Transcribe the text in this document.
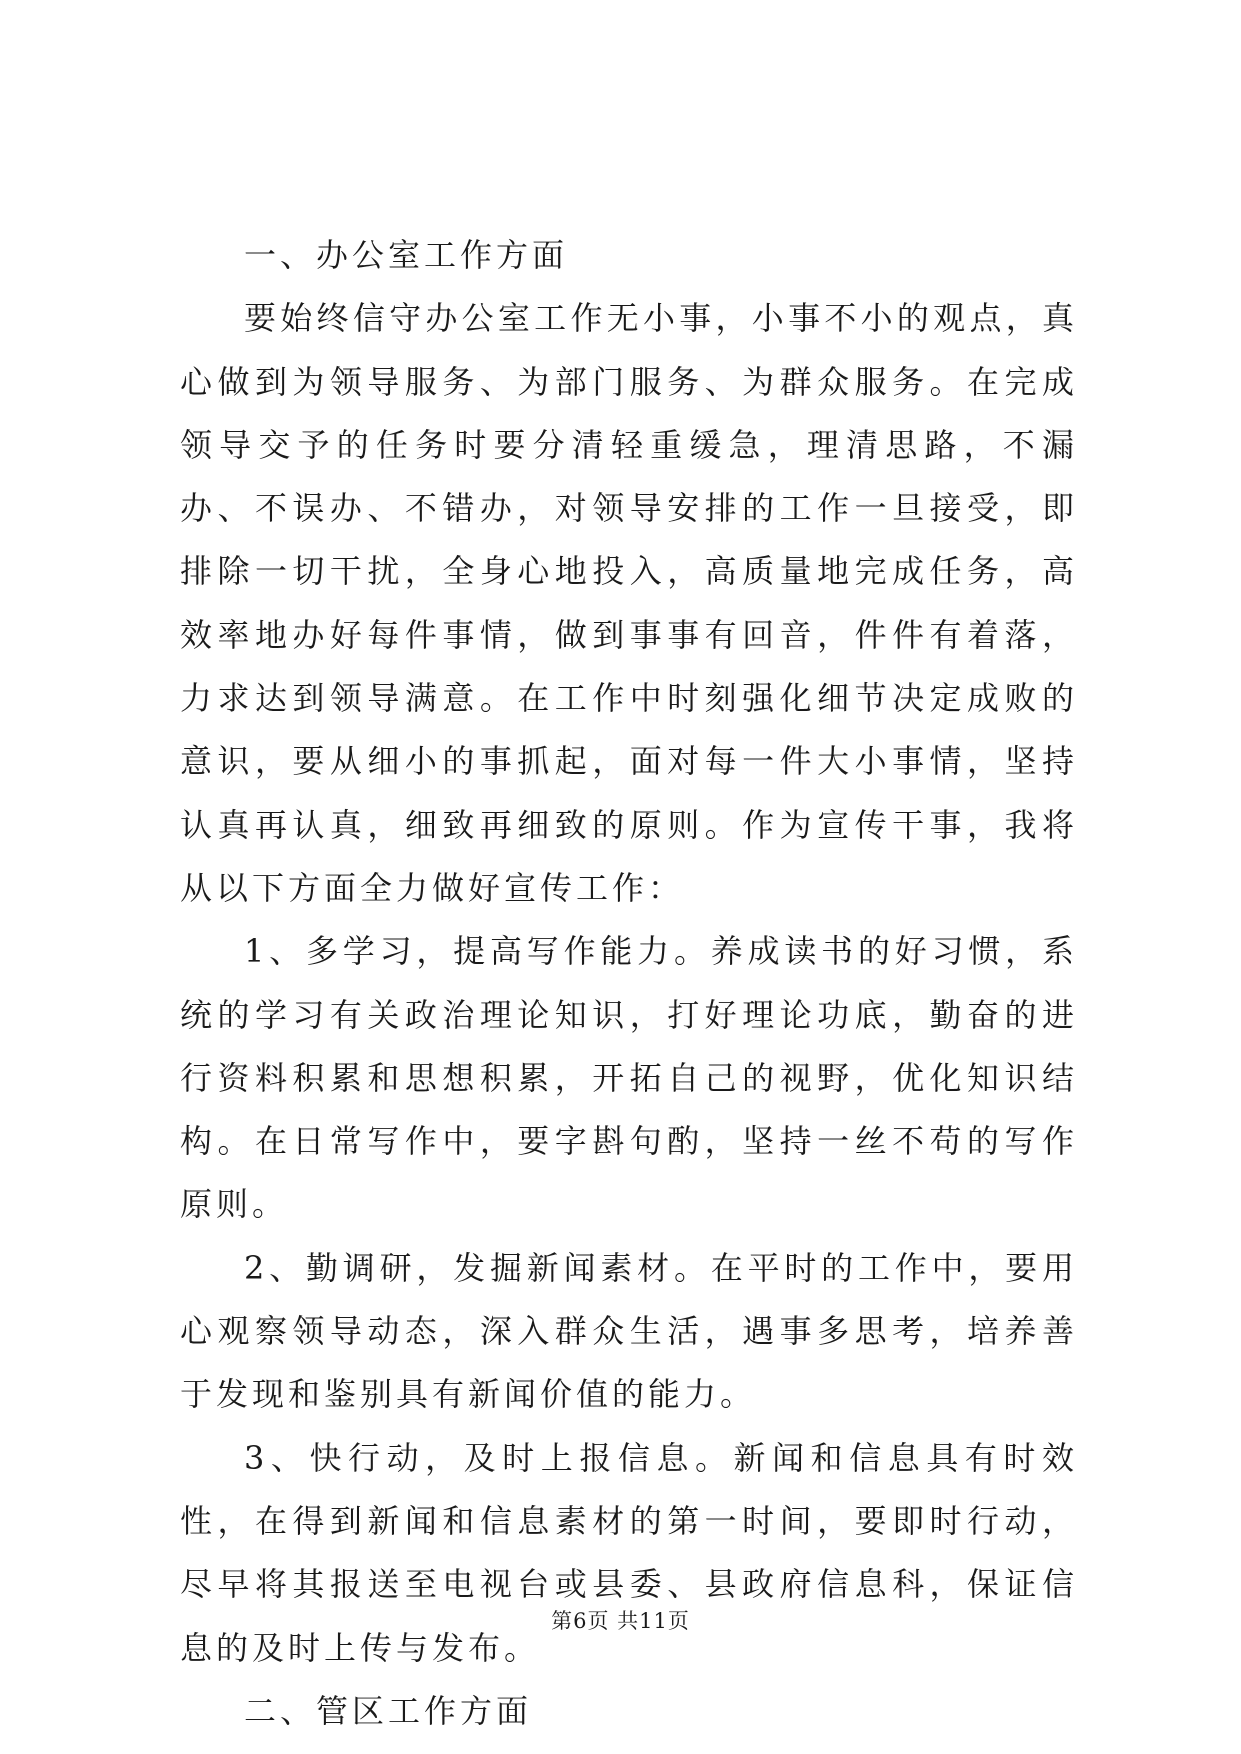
一、办公室工作方面

要始终信守办公室工作无小事，小事不小的观点，真心做到为领导服务、为部门服务、为群众服务。在完成领导交予的任务时要分清轻重缓急，理清思路，不漏办、不误办、不错办，对领导安排的工作一旦接受，即排除一切干扰，全身心地投入，高质量地完成任务，高效率地办好每件事情，做到事事有回音，件件有着落，力求达到领导满意。在工作中时刻强化细节决定成败的意识，要从细小的事抓起，面对每一件大小事情，坚持认真再认真，细致再细致的原则。作为宣传干事，我将从以下方面全力做好宣传工作：

1、多学习，提高写作能力。养成读书的好习惯，系统的学习有关政治理论知识，打好理论功底，勤奋的进行资料积累和思想积累，开拓自己的视野，优化知识结构。在日常写作中，要字斟句酌，坚持一丝不苟的写作原则。

2、勤调研，发掘新闻素材。在平时的工作中，要用心观察领导动态，深入群众生活，遇事多思考，培养善于发现和鉴别具有新闻价值的能力。

3、快行动，及时上报信息。新闻和信息具有时效性，在得到新闻和信息素材的第一时间，要即时行动，尽早将其报送至电视台或县委、县政府信息科，保证信息的及时上传与发布。

二、管区工作方面

第6页 共11页
